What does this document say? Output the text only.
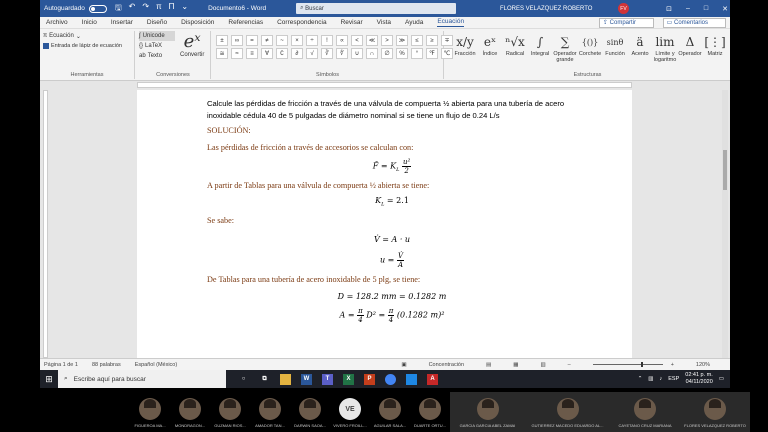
Autoguardado	🖫 ↶ ↷ π Π ⌄	Documento6 - Word	⌕ Buscar	FLORES VELAZQUEZ ROBERTO	FV	⊡ – □ ✕
Archivo Inicio Insertar Diseño Disposición Referencias Correspondencia Revisar Vista Ayuda Ecuación	⇪ Compartir	▭ Comentarios
π Ecuación ⌄
Entrada de lápiz de ecuación
Herramientas
∫ Unicode
{} LaTeX
ab Texto
eˣ
Convertir
Conversiones
±	∞	=	≠	~	×	÷	!	∝	<	≪	>	≫	≤	≥	∓
≅	≈	≡	∀	∁	∂	√	∛	∜	∪	∩	∅	%	°	℉	℃
Símbolos
x/y
Fracción
eˣ
Índice
ⁿ√x
Radical
∫
Integral
∑
Operador grande
{()}
Corchete
sinθ
Función
ä
Acento
lim
Límite y logaritmo
Δ
Operador
[⋮]
Matriz
Estructuras

Calcule las pérdidas de fricción a través de una válvula de compuerta ½ abierta para una tubería de acero inoxidable cédula 40 de 5 pulgadas de diámetro nominal si se tiene un flujo de 0.24 L/s

SOLUCIÓN:

Las pérdidas de fricción a través de accesorios se calculan con:

F̂ = $K_L \frac{\text{u²}}{2}$

A partir de Tablas para una válvula de compuerta ½ abierta se tiene:

$K_L = 2.1$

Se sabe:

V̇ = A · u
$u = \frac{V̇}{A}$

De Tablas para una tubería de acero inoxidable de 5 plg, se tiene:

D = 128.2 mm = 0.1282 m
$A = \frac{\pi}{4} D^2 = \frac{\pi}{4} (0.1282$ m)²
Página 1 de 1	88 palabras	Español (México)	▣	Concentración	▤	▦	▥	–	+	120%
⊞	⌕ Escribe aquí para buscar	○	⧉	W	T	X	P	A	⌃ ▥ ♪ ESP
02:41 p. m.
04/11/2020 ▭
FIGUEROA MA... MONDRAGON... GUZMAN RIOS... AMADOR TAN... DARWIN SAOA...
VE
VIVERO FROILL... AGUILAR SALA... DUARTE ORTU...	GARCIA GARCIA ABEL ZAMAI	GUTIERREZ MACEDO EDUARDO AL...	CAYETANO CRUZ MARIANA	FLORES VELAZQUEZ ROBERTO
